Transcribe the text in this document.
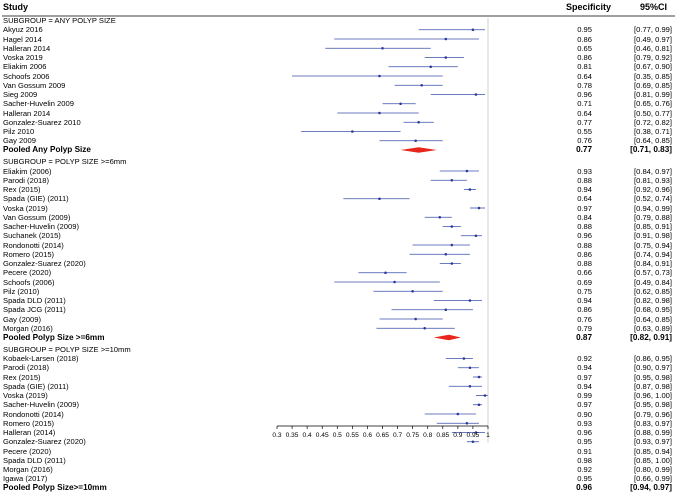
Study	Specificity	95%CI
0.3 0.35 0.4 0.45 0.5 0.55 0.6 0.65 0.7 0.75 0.8 0.85 0.9 0.95 1
SUBGROUP = ANY POLYP SIZE
Akyuz 2016	0.95	[0.77, 0.99]
Hagel 2014	0.86	[0.49, 0.97]
Halleran 2014	0.65	[0.46, 0.81]
Voska 2019	0.86	[0.79, 0.92]
Eliakim 2006	0.81	[0.67, 0.90]
Schoofs 2006	0.64	[0.35, 0.85]
Van Gossum 2009	0.78	[0.69, 0.85]
Sieg 2009	0.96	[0.81, 0.99]
Sacher-Huvelin 2009	0.71	[0.65, 0.76]
Halleran 2014	0.64	[0.50, 0.77]
Gonzalez-Suarez 2010	0.77	[0.72, 0.82]
Pilz 2010	0.55	[0.38, 0.71]
Gay 2009	0.76	[0.64, 0.85]
Pooled Any Polyp Size	0.77	[0.71, 0.83]
SUBGROUP = POLYP SIZE >=6mm
Eliakim (2006)	0.93	[0.84, 0.97]
Parodi (2018)	0.88	[0.81, 0.93]
Rex (2015)	0.94	[0.92, 0.96]
Spada (GIE) (2011)	0.64	[0.52, 0.74]
Voska (2019)	0.97	[0.94, 0.99]
Van Gossum (2009)	0.84	[0.79, 0.88]
Sacher-Huvelin (2009)	0.88	[0.85, 0.91]
Suchanek (2015)	0.96	[0.91, 0.98]
Rondonotti (2014)	0.88	[0.75, 0.94]
Romero (2015)	0.86	[0.74, 0.94]
Gonzalez-Suarez (2020)	0.88	[0.84, 0.91]
Pecere (2020)	0.66	[0.57, 0.73]
Schoofs (2006)	0.69	[0.49, 0.84]
Pilz (2010)	0.75	[0.62, 0.85]
Spada DLD (2011)	0.94	[0.82, 0.98]
Spada JCG (2011)	0.86	[0.68, 0.95]
Gay (2009)	0.76	[0.64, 0.85]
Morgan (2016)	0.79	[0.63, 0.89]
Pooled Polyp Size >=6mm	0.87	[0.82, 0.91]
SUBGROUP = POLYP SIZE >=10mm
Kobaek-Larsen (2018)	0.92	[0.86, 0.95]
Parodi (2018)	0.94	[0.90, 0.97]
Rex (2015)	0.97	[0.95, 0.98]
Spada (GIE) (2011)	0.94	[0.87, 0.98]
Voska (2019)	0.99	[0.96, 1.00]
Sacher-Huvelin (2009)	0.97	[0.95, 0.98]
Rondonotti (2014)	0.90	[0.79, 0.96]
Romero (2015)	0.93	[0.83, 0.97]
Halleran (2014)	0.96	[0.88, 0.99]
Gonzalez-Suarez (2020)	0.95	[0.93, 0.97]
Pecere (2020)	0.91	[0.85, 0.94]
Spada DLD (2011)	0.98	[0.85, 1.00]
Morgan (2016)	0.92	[0.80, 0.99]
Igawa (2017)	0.95	[0.66, 0.99]
Pooled Polyp Size>=10mm	0.96	[0.94, 0.97]
